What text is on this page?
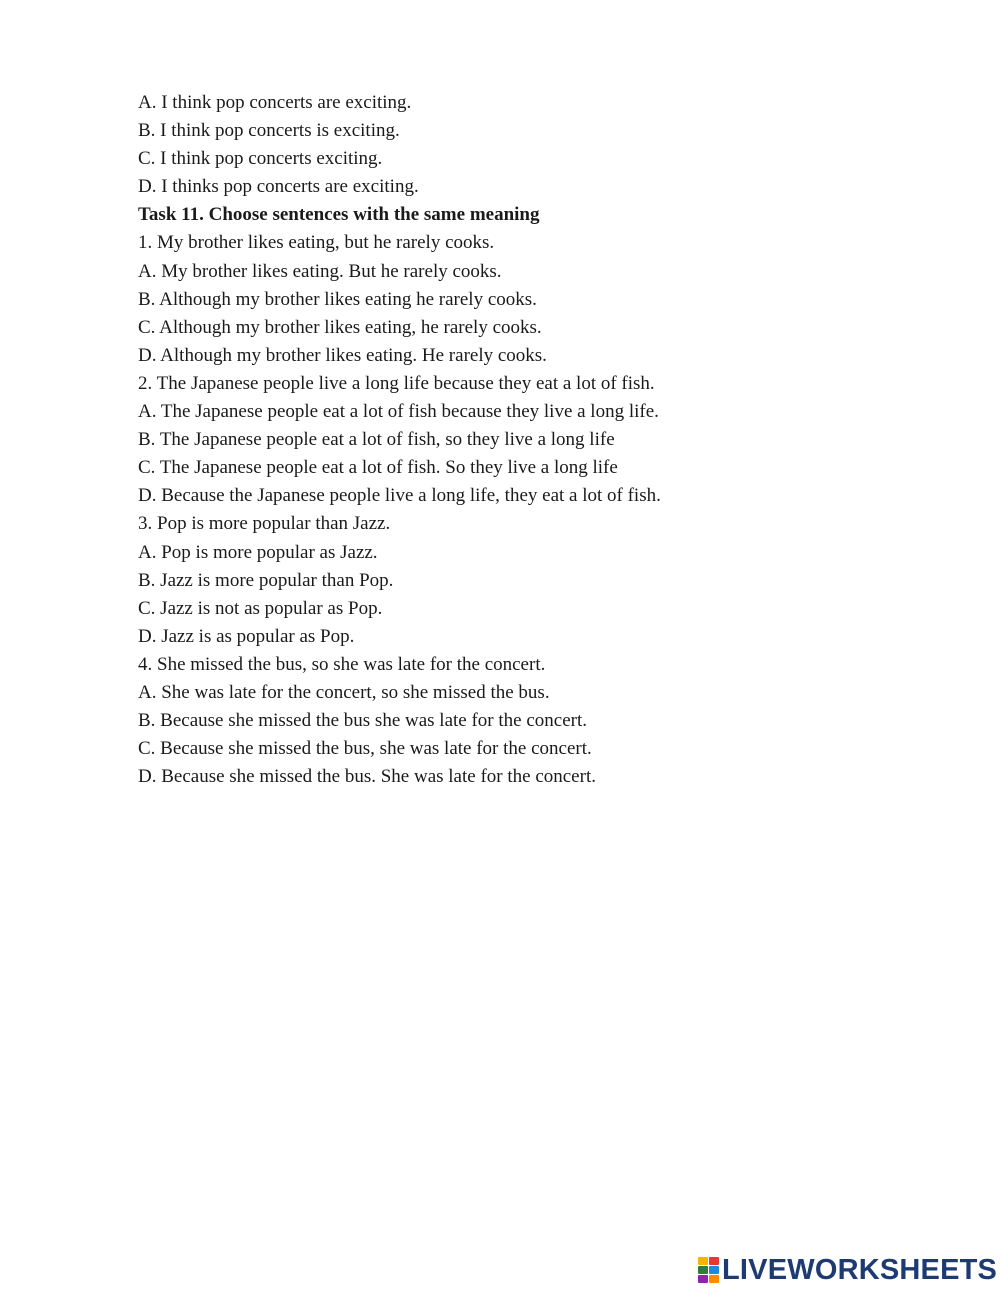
A. I think pop concerts are exciting.
B. I think pop concerts is exciting.
C. I think pop concerts exciting.
D. I thinks pop concerts are exciting.
Task 11. Choose sentences with the same meaning
1. My brother likes eating, but he rarely cooks.
A. My brother likes eating. But he rarely cooks.
B. Although my brother likes eating he rarely cooks.
C. Although my brother likes eating, he rarely cooks.
D. Although my brother likes eating. He rarely cooks.
2. The Japanese people live a long life because they eat a lot of fish.
A. The Japanese people eat a lot of fish because they live a long life.
B. The Japanese people eat a lot of fish, so they live a long life
C. The Japanese people eat a lot of fish. So they live a long life
D. Because the Japanese people live a long life, they eat a lot of fish.
3. Pop is more popular than Jazz.
A. Pop is more popular as Jazz.
B. Jazz is more popular than Pop.
C. Jazz is not as popular as Pop.
D. Jazz is as popular as Pop.
4. She missed the bus, so she was late for the concert.
A. She was late for the concert, so she missed the bus.
B. Because she missed the bus she was late for the concert.
C. Because she missed the bus, she was late for the concert.
D. Because she missed the bus. She was late for the concert.
LIVEWORKSHEETS
